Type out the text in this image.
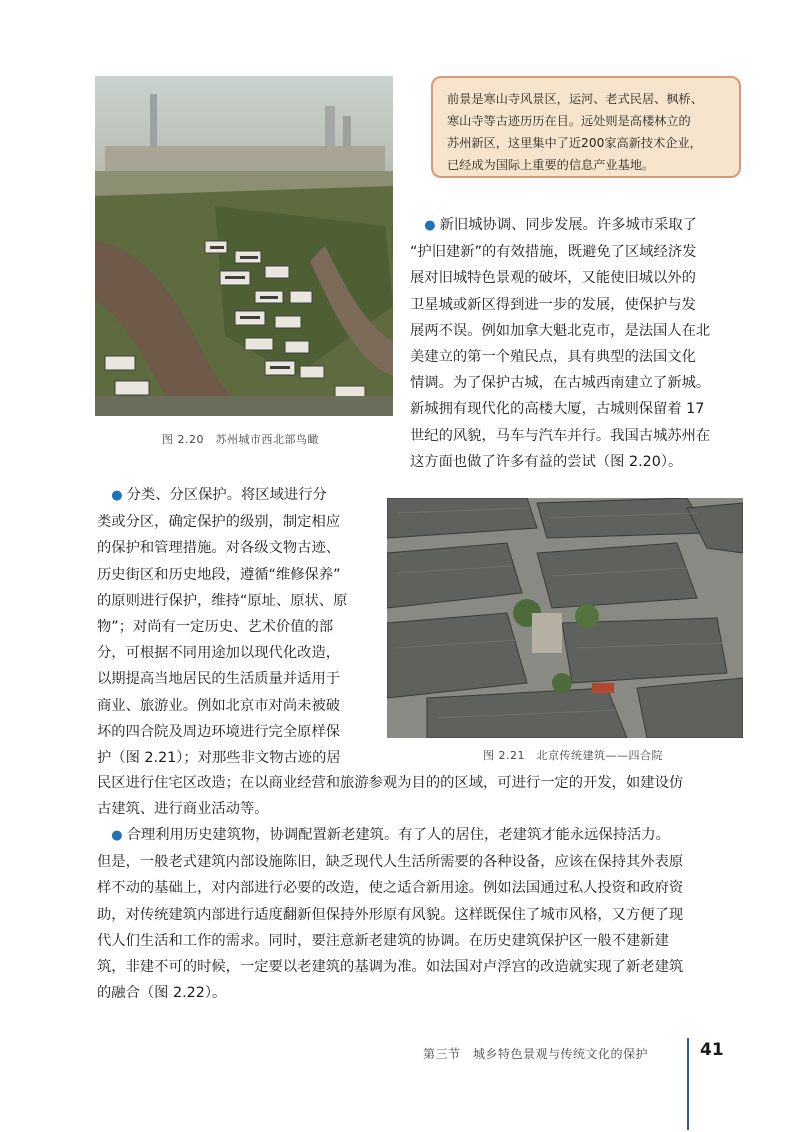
图 2.20　苏州城市西北部鸟瞰

前景是寒山寺风景区，运河、老式民居、枫桥、

寒山寺等古迹历历在目。远处则是高楼林立的

苏州新区，这里集中了近200家高新技术企业，

已经成为国际上重要的信息产业基地。

 ● 新旧城协调、同步发展。许多城市采取了

“护旧建新”的有效措施，既避免了区域经济发

展对旧城特色景观的破坏，又能使旧城以外的

卫星城或新区得到进一步的发展，使保护与发

展两不误。例如加拿大魁北克市，是法国人在北

美建立的第一个殖民点，具有典型的法国文化

情调。为了保护古城，在古城西南建立了新城。

新城拥有现代化的高楼大厦，古城则保留着 17

世纪的风貌，马车与汽车并行。我国古城苏州在

这方面也做了许多有益的尝试（图 2.20）。

 ● 分类、分区保护。将区域进行分

类或分区，确定保护的级别，制定相应

的保护和管理措施。对各级文物古迹、

历史街区和历史地段，遵循“维修保养”

的原则进行保护，维持“原址、原状、原

物”；对尚有一定历史、艺术价值的部

分，可根据不同用途加以现代化改造，

以期提高当地居民的生活质量并适用于

商业、旅游业。例如北京市对尚未被破

坏的四合院及周边环境进行完全原样保

护（图 2.21）；对那些非文物古迹的居	图 2.21　北京传统建筑——四合院

民区进行住宅区改造；在以商业经营和旅游参观为目的的区域，可进行一定的开发，如建设仿

古建筑、进行商业活动等。

 ● 合理利用历史建筑物，协调配置新老建筑。有了人的居住，老建筑才能永远保持活力。

但是，一般老式建筑内部设施陈旧，缺乏现代人生活所需要的各种设备，应该在保持其外表原

样不动的基础上，对内部进行必要的改造，使之适合新用途。例如法国通过私人投资和政府资

助，对传统建筑内部进行适度翻新但保持外形原有风貌。这样既保住了城市风格，又方便了现

代人们生活和工作的需求。同时，要注意新老建筑的协调。在历史建筑保护区一般不建新建

筑，非建不可的时候，一定要以老建筑的基调为准。如法国对卢浮宫的改造就实现了新老建筑

的融合（图 2.22）。

第三节　城乡特色景观与传统文化的保护	41
